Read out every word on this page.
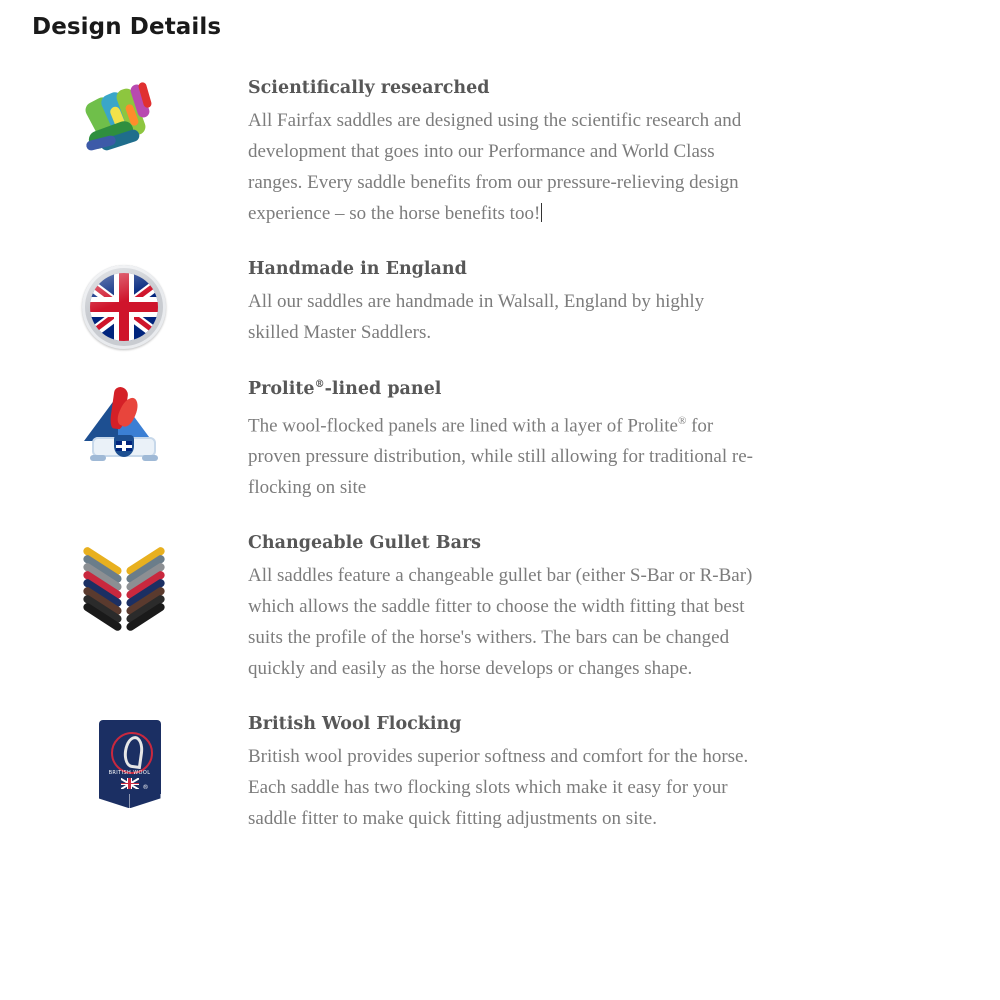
Design Details
Scientifically researched

All Fairfax saddles are designed using the scientific research and development that goes into our Performance and World Class ranges. Every saddle benefits from our pressure-relieving design experience – so the horse benefits too!

Handmade in England

All our saddles are handmade in Walsall, England by highly skilled Master Saddlers.

Prolite®-lined panel

The wool-flocked panels are lined with a layer of Prolite® for proven pressure distribution, while still allowing for traditional re-flocking on site

Changeable Gullet Bars

All saddles feature a changeable gullet bar (either S-Bar or R-Bar) which allows the saddle fitter to choose the width fitting that best suits the profile of the horse's withers. The bars can be changed quickly and easily as the horse develops or changes shape.

BRITISH WOOL
®
British Wool Flocking

British wool provides superior softness and comfort for the horse. Each saddle has two flocking slots which make it easy for your saddle fitter to make quick fitting adjustments on site.
